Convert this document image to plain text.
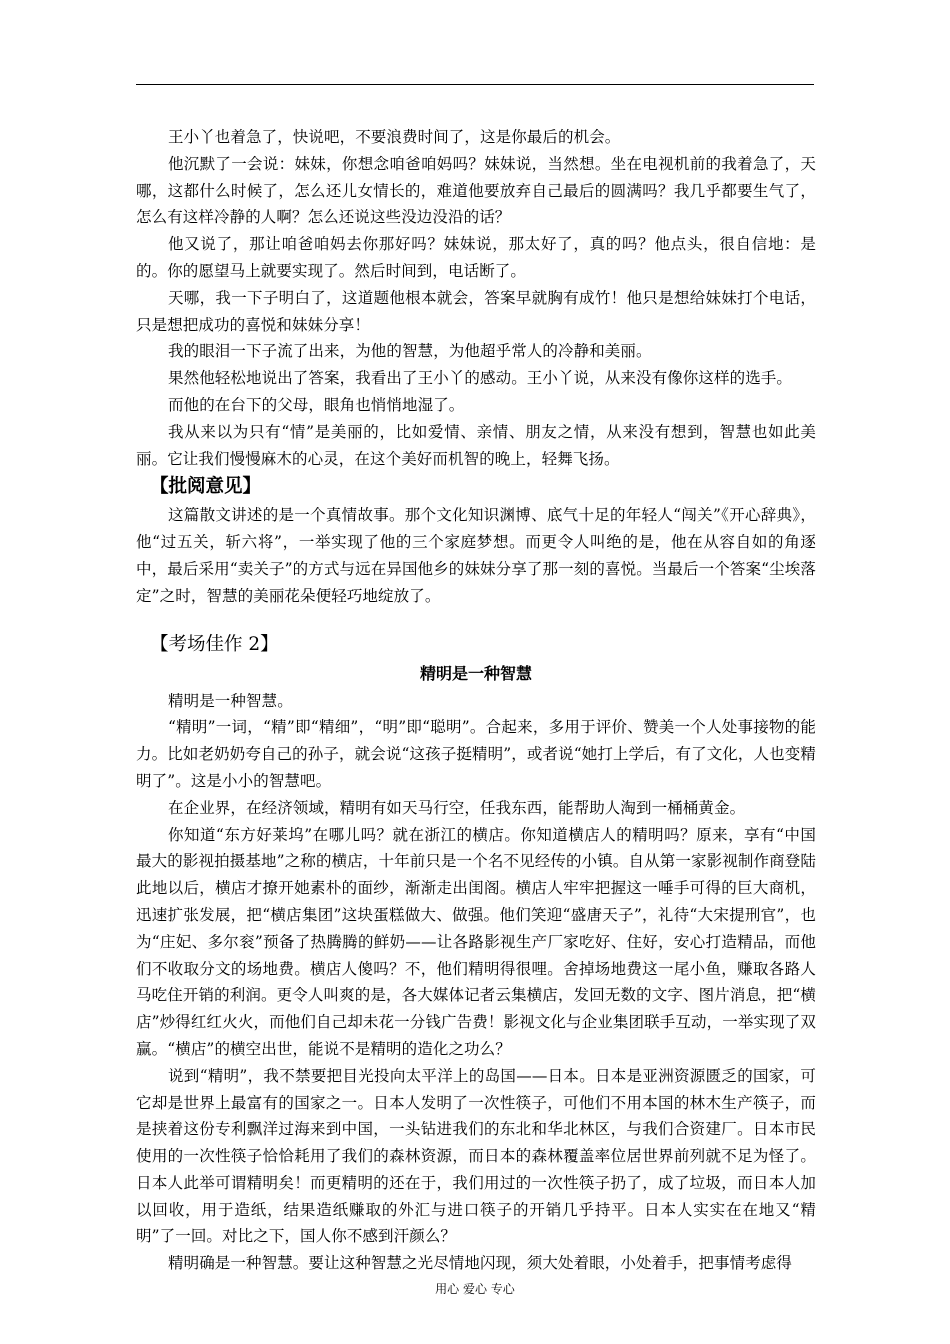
王小丫也着急了，快说吧，不要浪费时间了，这是你最后的机会。

他沉默了一会说：妹妹，你想念咱爸咱妈吗？妹妹说，当然想。坐在电视机前的我着急了，天哪，这都什么时候了，怎么还儿女情长的，难道他要放弃自己最后的圆满吗？我几乎都要生气了，怎么有这样冷静的人啊？怎么还说这些没边没沿的话？

他又说了，那让咱爸咱妈去你那好吗？妹妹说，那太好了，真的吗？他点头，很自信地：是的。你的愿望马上就要实现了。然后时间到，电话断了。

天哪，我一下子明白了，这道题他根本就会，答案早就胸有成竹！他只是想给妹妹打个电话，只是想把成功的喜悦和妹妹分享！

我的眼泪一下子流了出来，为他的智慧，为他超乎常人的冷静和美丽。

果然他轻松地说出了答案，我看出了王小丫的感动。王小丫说，从来没有像你这样的选手。

而他的在台下的父母，眼角也悄悄地湿了。

我从来以为只有“情”是美丽的，比如爱情、亲情、朋友之情，从来没有想到，智慧也如此美丽。它让我们慢慢麻木的心灵，在这个美好而机智的晚上，轻舞飞扬。

【批阅意见】

这篇散文讲述的是一个真情故事。那个文化知识渊博、底气十足的年轻人“闯关”《开心辞典》，他“过五关，斩六将”，一举实现了他的三个家庭梦想。而更令人叫绝的是，他在从容自如的角逐中，最后采用“卖关子”的方式与远在异国他乡的妹妹分享了那一刻的喜悦。当最后一个答案“尘埃落定”之时，智慧的美丽花朵便轻巧地绽放了。

【考场佳作 2】

精明是一种智慧

精明是一种智慧。

“精明”一词，“精”即“精细”，“明”即“聪明”。合起来，多用于评价、赞美一个人处事接物的能力。比如老奶奶夸自己的孙子，就会说“这孩子挺精明”，或者说“她打上学后，有了文化，人也变精明了”。这是小小的智慧吧。

在企业界，在经济领域，精明有如天马行空，任我东西，能帮助人淘到一桶桶黄金。

你知道“东方好莱坞”在哪儿吗？就在浙江的横店。你知道横店人的精明吗？原来，享有“中国最大的影视拍摄基地”之称的横店，十年前只是一个名不见经传的小镇。自从第一家影视制作商登陆此地以后，横店才撩开她素朴的面纱，渐渐走出闺阁。横店人牢牢把握这一唾手可得的巨大商机，迅速扩张发展，把“横店集团”这块蛋糕做大、做强。他们笑迎“盛唐天子”，礼待“大宋提刑官”，也为“庄妃、多尔衮”预备了热腾腾的鲜奶——让各路影视生产厂家吃好、住好，安心打造精品，而他们不收取分文的场地费。横店人傻吗？不，他们精明得很哩。舍掉场地费这一尾小鱼，赚取各路人马吃住开销的利润。更令人叫爽的是，各大媒体记者云集横店，发回无数的文字、图片消息，把“横店”炒得红红火火，而他们自己却未花一分钱广告费！影视文化与企业集团联手互动，一举实现了双赢。“横店”的横空出世，能说不是精明的造化之功么？

说到“精明”，我不禁要把目光投向太平洋上的岛国——日本。日本是亚洲资源匮乏的国家，可它却是世界上最富有的国家之一。日本人发明了一次性筷子，可他们不用本国的林木生产筷子，而是挟着这份专利飘洋过海来到中国，一头钻进我们的东北和华北林区，与我们合资建厂。日本市民使用的一次性筷子恰恰耗用了我们的森林资源，而日本的森林覆盖率位居世界前列就不足为怪了。日本人此举可谓精明矣！而更精明的还在于，我们用过的一次性筷子扔了，成了垃圾，而日本人加以回收，用于造纸，结果造纸赚取的外汇与进口筷子的开销几乎持平。日本人实实在在地又“精明”了一回。对比之下，国人你不感到汗颜么？

精明确是一种智慧。要让这种智慧之光尽情地闪现，须大处着眼，小处着手，把事情考虑得

用心 爱心 专心
